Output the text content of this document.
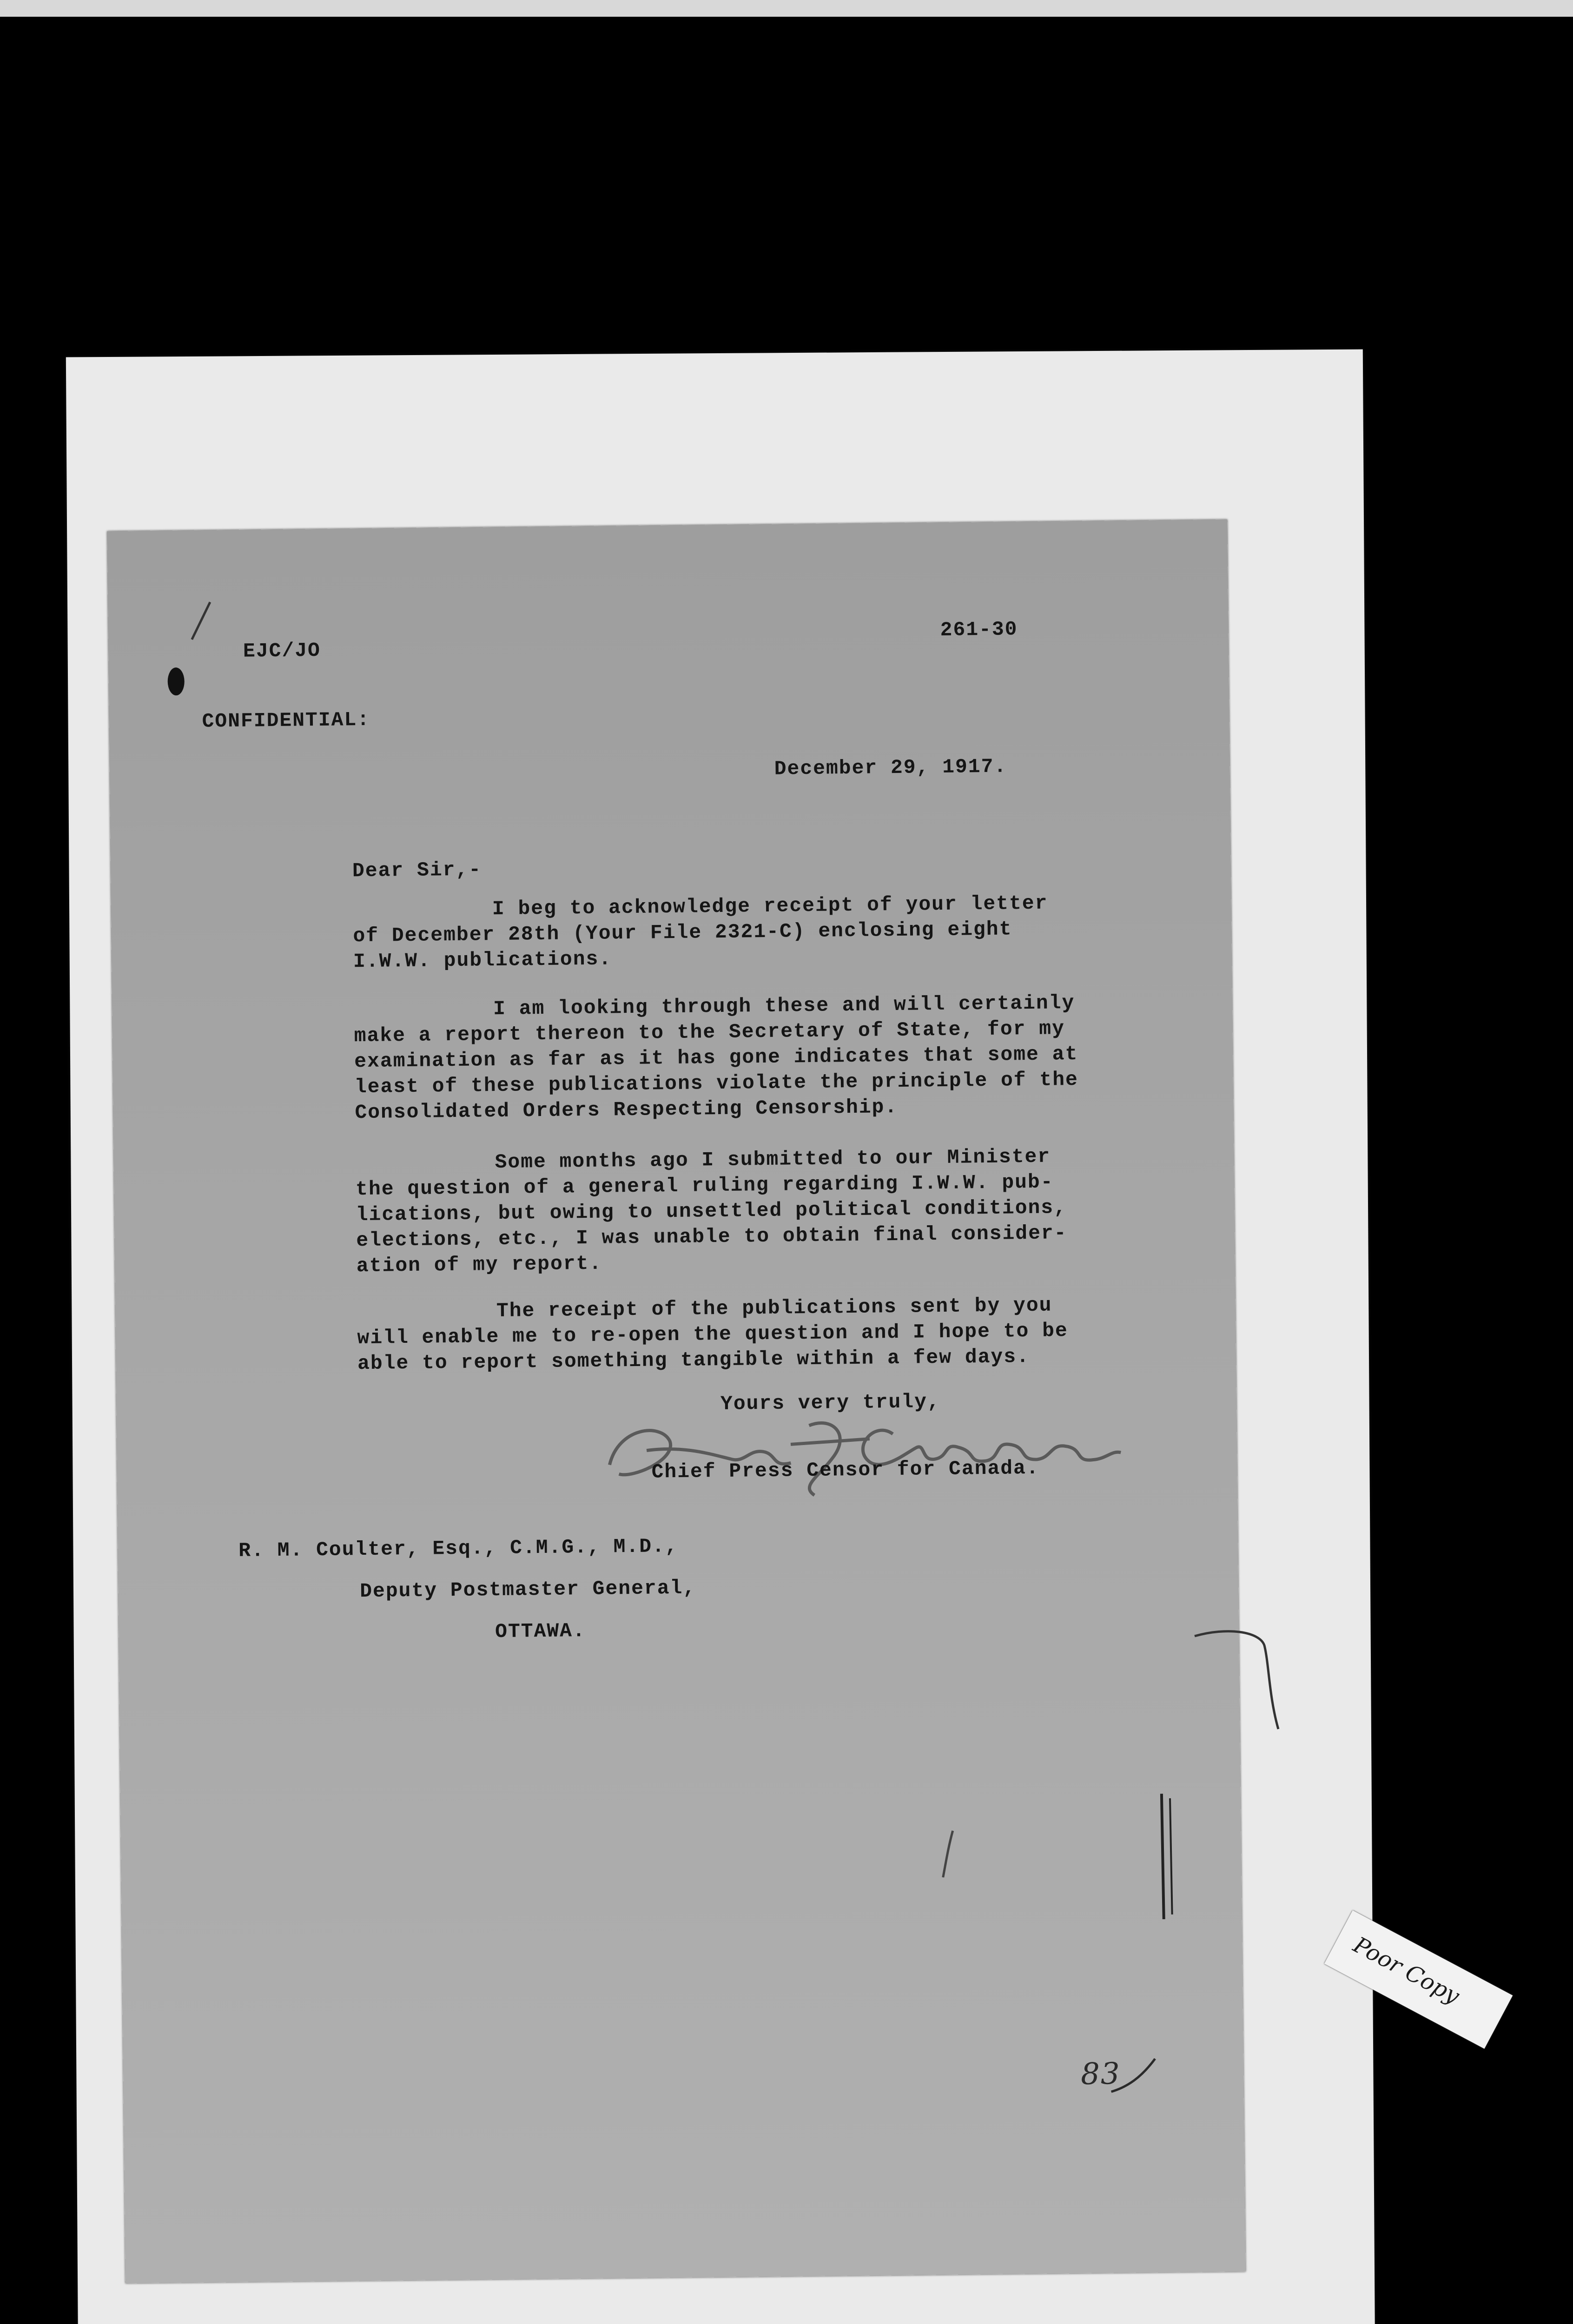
EJC/JO
261-30
CONFIDENTIAL:
December 29, 1917.
Dear Sir,-
I beg to acknowledge receipt of your letter
of December 28th (Your File 2321-C) enclosing eight
I.W.W. publications.
I am looking through these and will certainly
make a report thereon to the Secretary of State, for my
examination as far as it has gone indicates that some at
least of these publications violate the principle of the
Consolidated Orders Respecting Censorship.
Some months ago I submitted to our Minister
the question of a general ruling regarding I.W.W. pub-
lications, but owing to unsettled political conditions,
elections, etc., I was unable to obtain final consider-
ation of my report.
The receipt of the publications sent by you
will enable me to re-open the question and I hope to be
able to report something tangible within a few days.
Yours very truly,
Ernest J. Chambers
Chief Press Censor for Canada.
R. M. Coulter, Esq., C.M.G., M.D.,
Deputy Postmaster General,
OTTAWA.
83
Poor Copy
